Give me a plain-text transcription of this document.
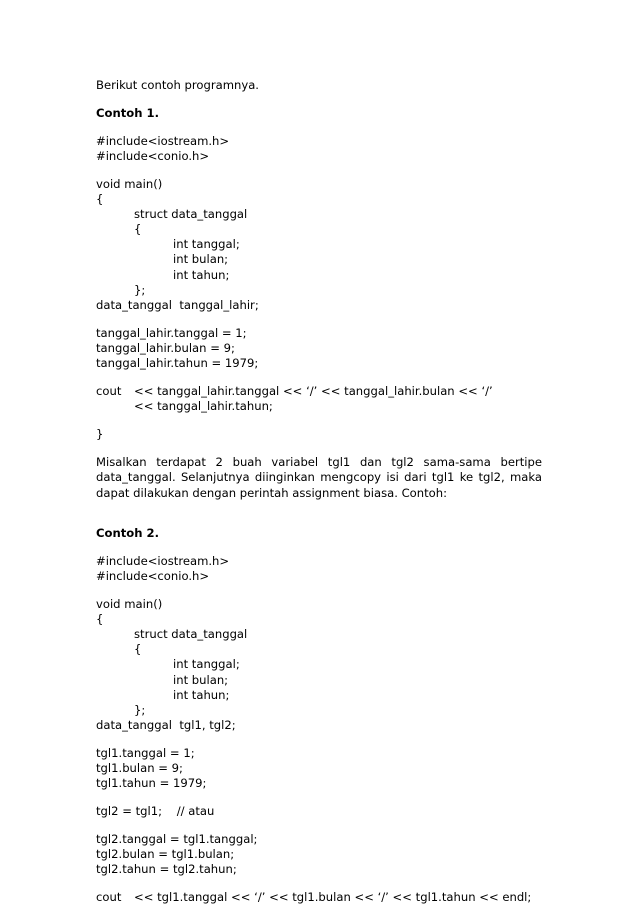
Berikut contoh programnya.
Contoh 1.
#include<iostream.h>
#include<conio.h>
void main()
{
struct data_tanggal
{
int tanggal;
int bulan;
int tahun;
};
data_tanggal  tanggal_lahir;
tanggal_lahir.tanggal = 1;
tanggal_lahir.bulan = 9;
tanggal_lahir.tahun = 1979;
cout << tanggal_lahir.tanggal << ‘/’ << tanggal_lahir.bulan << ‘/’
<< tanggal_lahir.tahun;
}
Misalkan terdapat 2 buah variabel tgl1 dan tgl2 sama-sama bertipe data_tanggal. Selanjutnya diinginkan mengcopy isi dari tgl1 ke tgl2, maka dapat dilakukan dengan perintah assignment biasa. Contoh:
Contoh 2.
#include<iostream.h>
#include<conio.h>
void main()
{
struct data_tanggal
{
int tanggal;
int bulan;
int tahun;
};
data_tanggal  tgl1, tgl2;
tgl1.tanggal = 1;
tgl1.bulan = 9;
tgl1.tahun = 1979;
tgl2 = tgl1;    // atau
tgl2.tanggal = tgl1.tanggal;
tgl2.bulan = tgl1.bulan;
tgl2.tahun = tgl2.tahun;
cout << tgl1.tanggal << ‘/’ << tgl1.bulan << ‘/’ << tgl1.tahun << endl;
